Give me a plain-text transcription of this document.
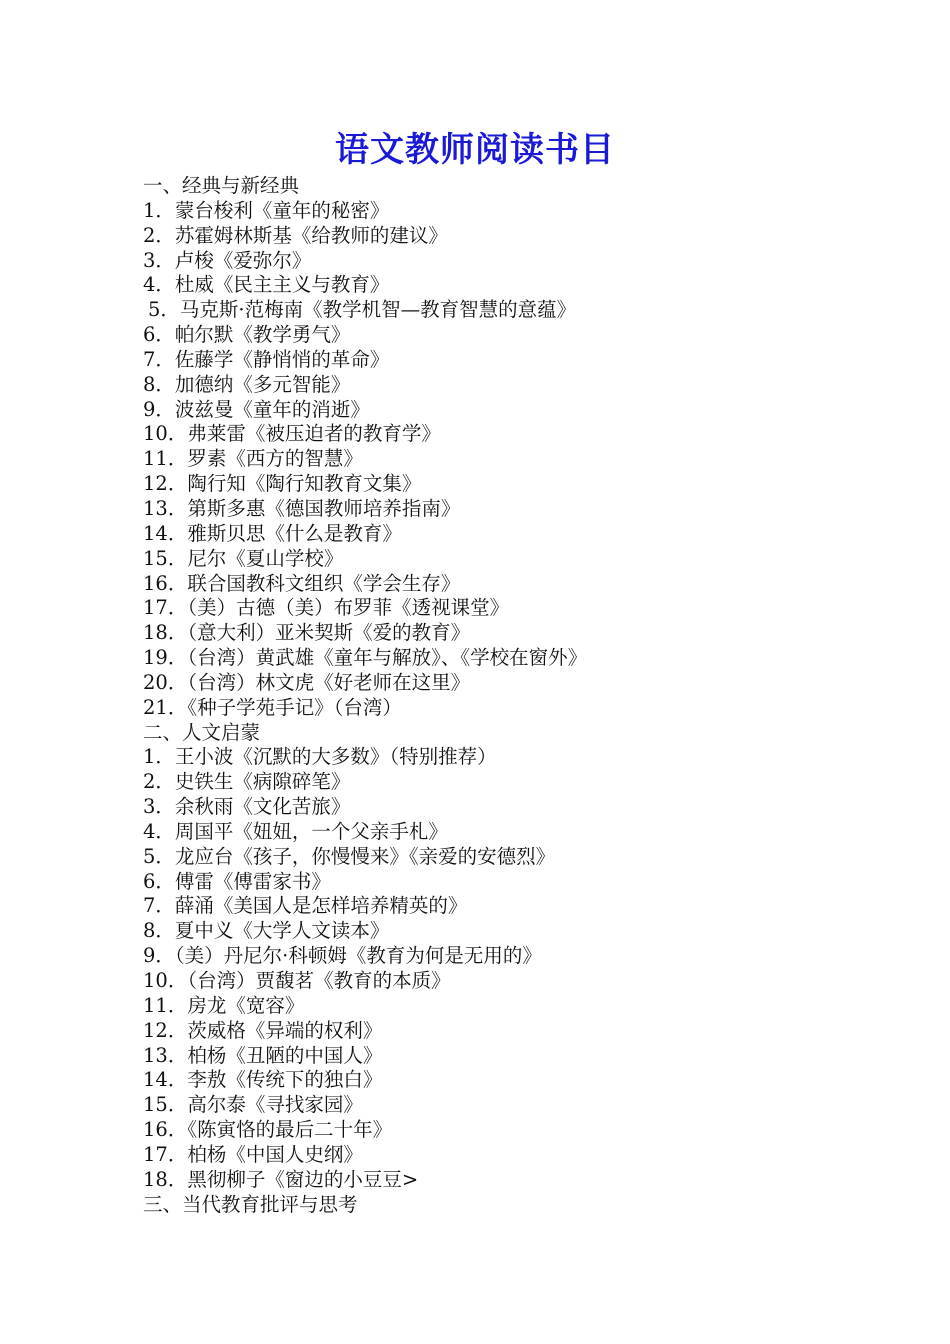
语文教师阅读书目
一、经典与新经典
1．蒙台梭利《童年的秘密》
2．苏霍姆林斯基《给教师的建议》
3．卢梭《爱弥尔》
4．杜威《民主主义与教育》
5．马克斯·范梅南《教学机智—教育智慧的意蕴》
6．帕尔默《教学勇气》
7．佐藤学《静悄悄的革命》
8．加德纳《多元智能》
9．波兹曼《童年的消逝》
10．弗莱雷《被压迫者的教育学》
11．罗素《西方的智慧》
12．陶行知《陶行知教育文集》
13．第斯多惠《德国教师培养指南》
14．雅斯贝思《什么是教育》
15．尼尔《夏山学校》
16．联合国教科文组织《学会生存》
17．（美）古德（美）布罗菲《透视课堂》
18．（意大利）亚米契斯《爱的教育》
19．（台湾）黄武雄《童年与解放》、《学校在窗外》
20．（台湾）林文虎《好老师在这里》
21．《种子学苑手记》（台湾）
二、人文启蒙
1．王小波《沉默的大多数》（特别推荐）
2．史铁生《病隙碎笔》
3．余秋雨《文化苦旅》
4．周国平《妞妞，一个父亲手札》
5．龙应台《孩子，你慢慢来》《亲爱的安德烈》
6．傅雷《傅雷家书》
7．薛涌《美国人是怎样培养精英的》
8．夏中义《大学人文读本》
9．（美）丹尼尔·科顿姆《教育为何是无用的》
10．（台湾）贾馥茗《教育的本质》
11．房龙《宽容》
12．茨威格《异端的权利》
13．柏杨《丑陋的中国人》
14．李敖《传统下的独白》
15．高尔泰《寻找家园》
16．《陈寅恪的最后二十年》
17．柏杨《中国人史纲》
18．黑彻柳子《窗边的小豆豆>
三、当代教育批评与思考
